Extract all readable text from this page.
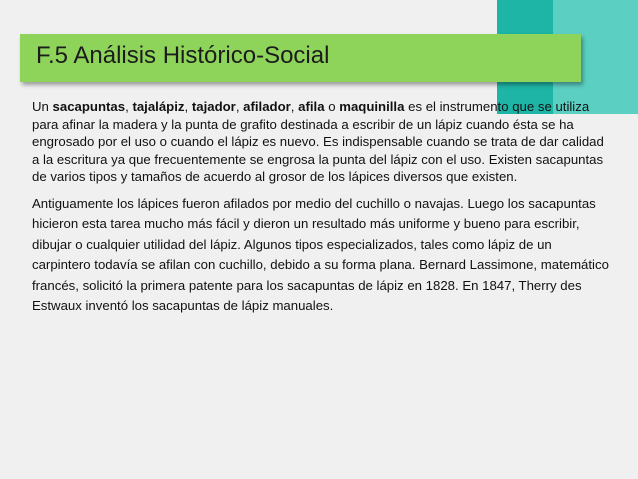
F.5 Análisis Histórico-Social

Un sacapuntas, tajalápiz, tajador, afilador, afila o maquinilla es el instrumento que se utiliza para afinar la madera y la punta de grafito destinada a escribir de un lápiz cuando ésta se ha engrosado por el uso o cuando el lápiz es nuevo. Es indispensable cuando se trata de dar calidad a la escritura ya que frecuentemente se engrosa la punta del lápiz con el uso. Existen sacapuntas de varios tipos y tamaños de acuerdo al grosor de los lápices diversos que existen.

Antiguamente los lápices fueron afilados por medio del cuchillo o navajas. Luego los sacapuntas hicieron esta tarea mucho más fácil y dieron un resultado más uniforme y bueno para escribir, dibujar o cualquier utilidad del lápiz. Algunos tipos especializados, tales como lápiz de un carpintero todavía se afilan con cuchillo, debido a su forma plana. Bernard Lassimone, matemático francés, solicitó la primera patente para los sacapuntas de lápiz en 1828. En 1847, Therry des Estwaux inventó los sacapuntas de lápiz manuales.
